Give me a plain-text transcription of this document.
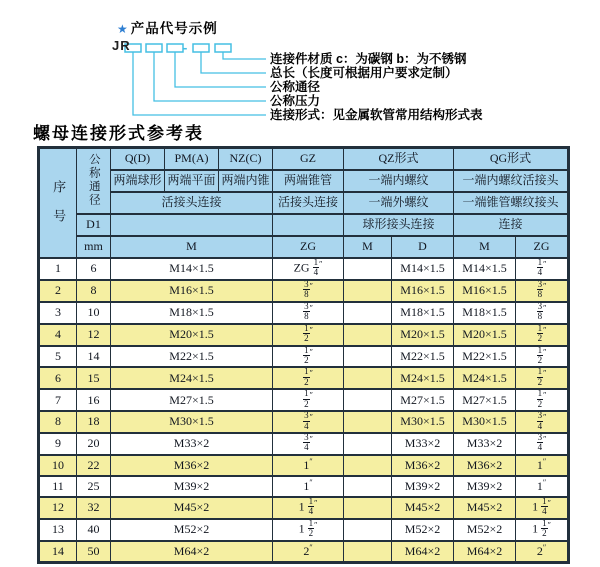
★ 产品代号示例
JR	-
连接件材质 c：为碳钢 b：为不锈钢
总长（长度可根据用户要求定制）
公称通径
公称压力
连接形式：见金属软管常用结构形式表
螺母连接形式参考表
序号	公称通径	Q(D)	PM(A)	NZ(C)	GZ	QZ形式		QG形式	
		两端球形	两端平面	两端内锥	两端锥管	一端内螺纹		一端内螺纹活接头	
		活接头连接			活接头连接	一端外螺纹		一端锥管螺纹接头	
	D1					球形接头连接		连接	
	mm	M			ZG	M	D	M	ZG
1	6	M14×1.5			ZG $\frac{1}{4} ''$		M14×1.5	M14×1.5	$\frac{1}{4} ''$
2	8	M16×1.5			$\frac{3}{8} ''$		M16×1.5	M16×1.5	$\frac{3}{8} ''$
3	10	M18×1.5			$\frac{3}{8} ''$		M18×1.5	M18×1.5	$\frac{3}{8} ''$
4	12	M20×1.5			$\frac{1}{2} ''$		M20×1.5	M20×1.5	$\frac{1}{2} ''$
5	14	M22×1.5			$\frac{1}{2} ''$		M22×1.5	M22×1.5	$\frac{1}{2} ''$
6	15	M24×1.5			$\frac{1}{2} ''$		M24×1.5	M24×1.5	$\frac{1}{2} ''$
7	16	M27×1.5			$\frac{1}{2} ''$		M27×1.5	M27×1.5	$\frac{1}{2} ''$
8	18	M30×1.5			$\frac{3}{4} ''$		M30×1.5	M30×1.5	$\frac{3}{4} ''$
9	20	M33×2			$\frac{3}{4} ''$		M33×2	M33×2	$\frac{3}{4} ''$
10	22	M36×2			1″		M36×2	M36×2	1″
11	25	M39×2			1″		M39×2	M39×2	1″
12	32	M45×2			$1 \frac{1}{4} ''$		M45×2	M45×2	$1 \frac{1}{4} ''$
13	40	M52×2			$1 \frac{1}{2} ''$		M52×2	M52×2	$1 \frac{1}{2} ''$
14	50	M64×2			2″		M64×2	M64×2	2″
